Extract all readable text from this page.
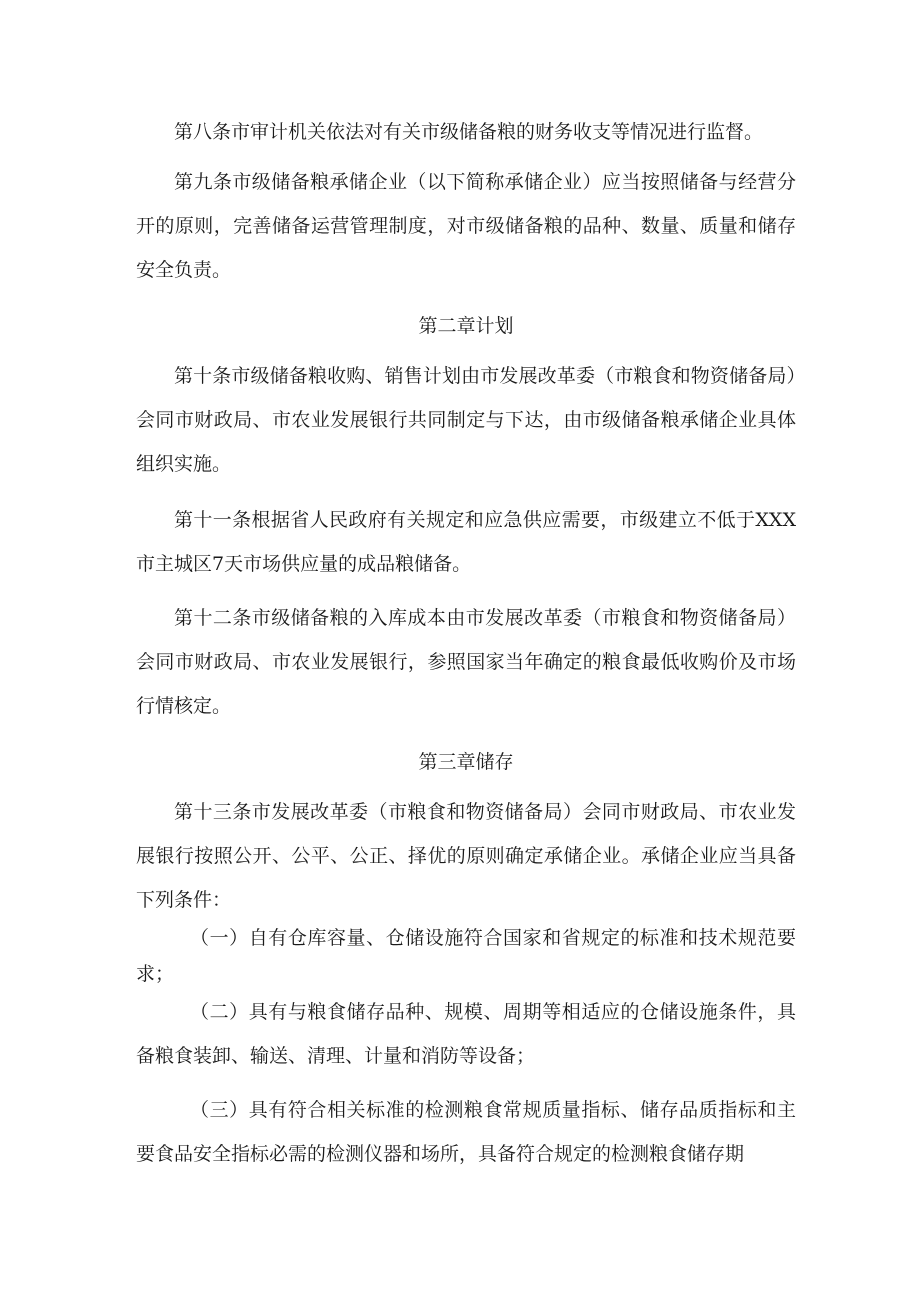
第八条市审计机关依法对有关市级储备粮的财务收支等情况进行监督。

第九条市级储备粮承储企业（以下简称承储企业）应当按照储备与经营分开的原则，完善储备运营管理制度，对市级储备粮的品种、数量、质量和储存安全负责。

第二章计划

第十条市级储备粮收购、销售计划由市发展改革委（市粮食和物资储备局）会同市财政局、市农业发展银行共同制定与下达，由市级储备粮承储企业具体组织实施。

第十一条根据省人民政府有关规定和应急供应需要，市级建立不低于XXX市主城区7天市场供应量的成品粮储备。

第十二条市级储备粮的入库成本由市发展改革委（市粮食和物资储备局）会同市财政局、市农业发展银行，参照国家当年确定的粮食最低收购价及市场行情核定。

第三章储存

第十三条市发展改革委（市粮食和物资储备局）会同市财政局、市农业发展银行按照公开、公平、公正、择优的原则确定承储企业。承储企业应当具备下列条件：

（一）自有仓库容量、仓储设施符合国家和省规定的标准和技术规范要求；

（二）具有与粮食储存品种、规模、周期等相适应的仓储设施条件，具备粮食装卸、输送、清理、计量和消防等设备；

（三）具有符合相关标准的检测粮食常规质量指标、储存品质指标和主要食品安全指标必需的检测仪器和场所，具备符合规定的检测粮食储存期
